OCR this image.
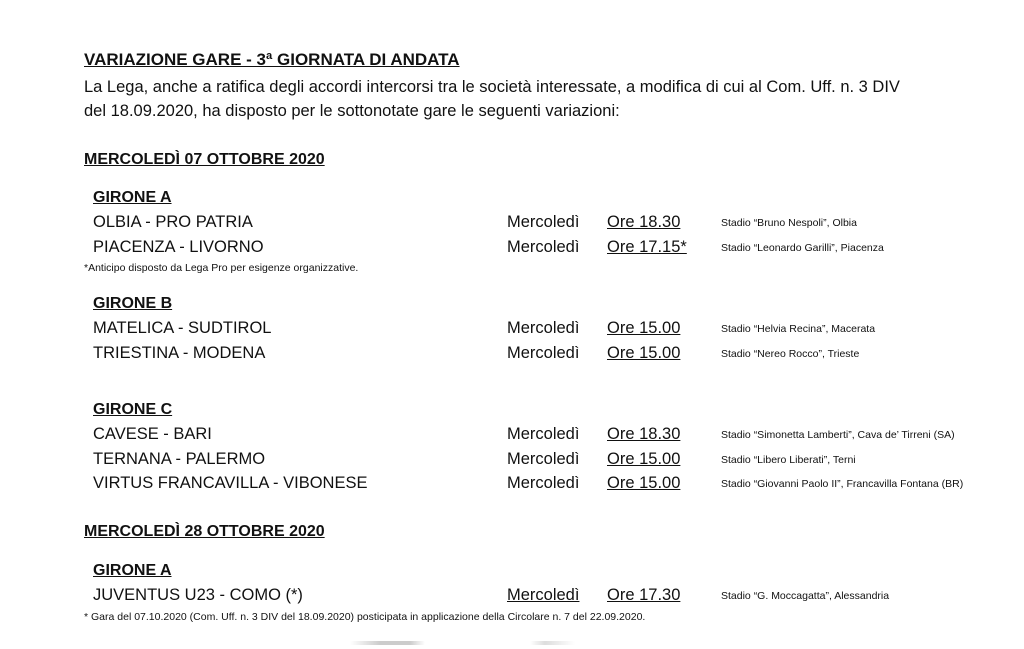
VARIAZIONE GARE - 3ª GIORNATA DI ANDATA
La Lega, anche a ratifica degli accordi intercorsi tra le società interessate, a modifica di cui al Com. Uff. n. 3 DIV
del 18.09.2020, ha disposto per le sottonotate gare le seguenti variazioni:
MERCOLEDÌ 07 OTTOBRE 2020
GIRONE A
OLBIA - PRO PATRIA	Mercoledì Ore 18.30	Stadio “Bruno Nespoli”, Olbia
PIACENZA - LIVORNO	Mercoledì Ore 17.15*	Stadio “Leonardo Garilli”, Piacenza
*Anticipo disposto da Lega Pro per esigenze organizzative.
GIRONE B
MATELICA - SUDTIROL	Mercoledì Ore 15.00	Stadio “Helvia Recina”, Macerata
TRIESTINA - MODENA	Mercoledì Ore 15.00	Stadio “Nereo Rocco”, Trieste
GIRONE C
CAVESE - BARI	Mercoledì Ore 18.30	Stadio “Simonetta Lamberti”, Cava de’ Tirreni (SA)
TERNANA - PALERMO	Mercoledì Ore 15.00	Stadio “Libero Liberati”, Terni
VIRTUS FRANCAVILLA - VIBONESE	Mercoledì Ore 15.00	Stadio “Giovanni Paolo II”, Francavilla Fontana (BR)
MERCOLEDÌ 28 OTTOBRE 2020
GIRONE A
JUVENTUS U23 - COMO (*)	Mercoledì Ore 17.30	Stadio “G. Moccagatta”, Alessandria
* Gara del 07.10.2020 (Com. Uff. n. 3 DIV del 18.09.2020) posticipata in applicazione della Circolare n. 7 del 22.09.2020.
